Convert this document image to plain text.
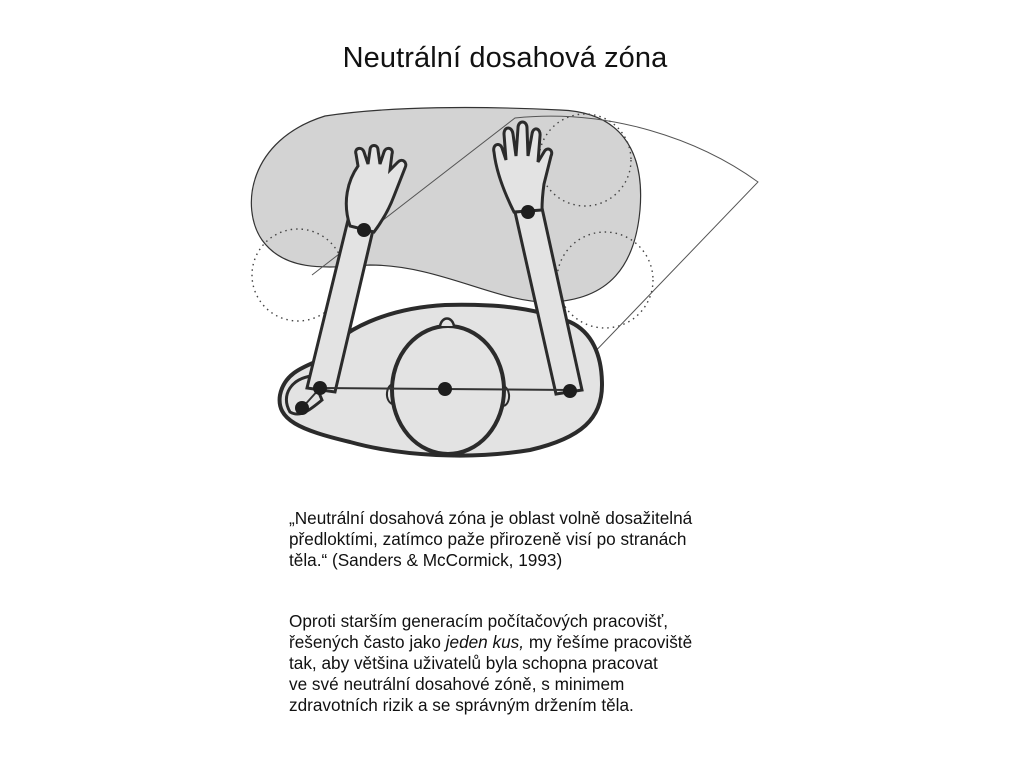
Neutrální dosahová zóna

„Neutrální dosahová zóna je oblast volně dosažitelná
předloktími, zatímco paže přirozeně visí po stranách
těla.“ (Sanders & McCormick, 1993)

Oproti starším generacím počítačových pracovišť,
řešených často jako jeden kus, my řešíme pracoviště
tak, aby většina uživatelů byla schopna pracovat
ve své neutrální dosahové zóně, s minimem
zdravotních rizik a se správným držením těla.
